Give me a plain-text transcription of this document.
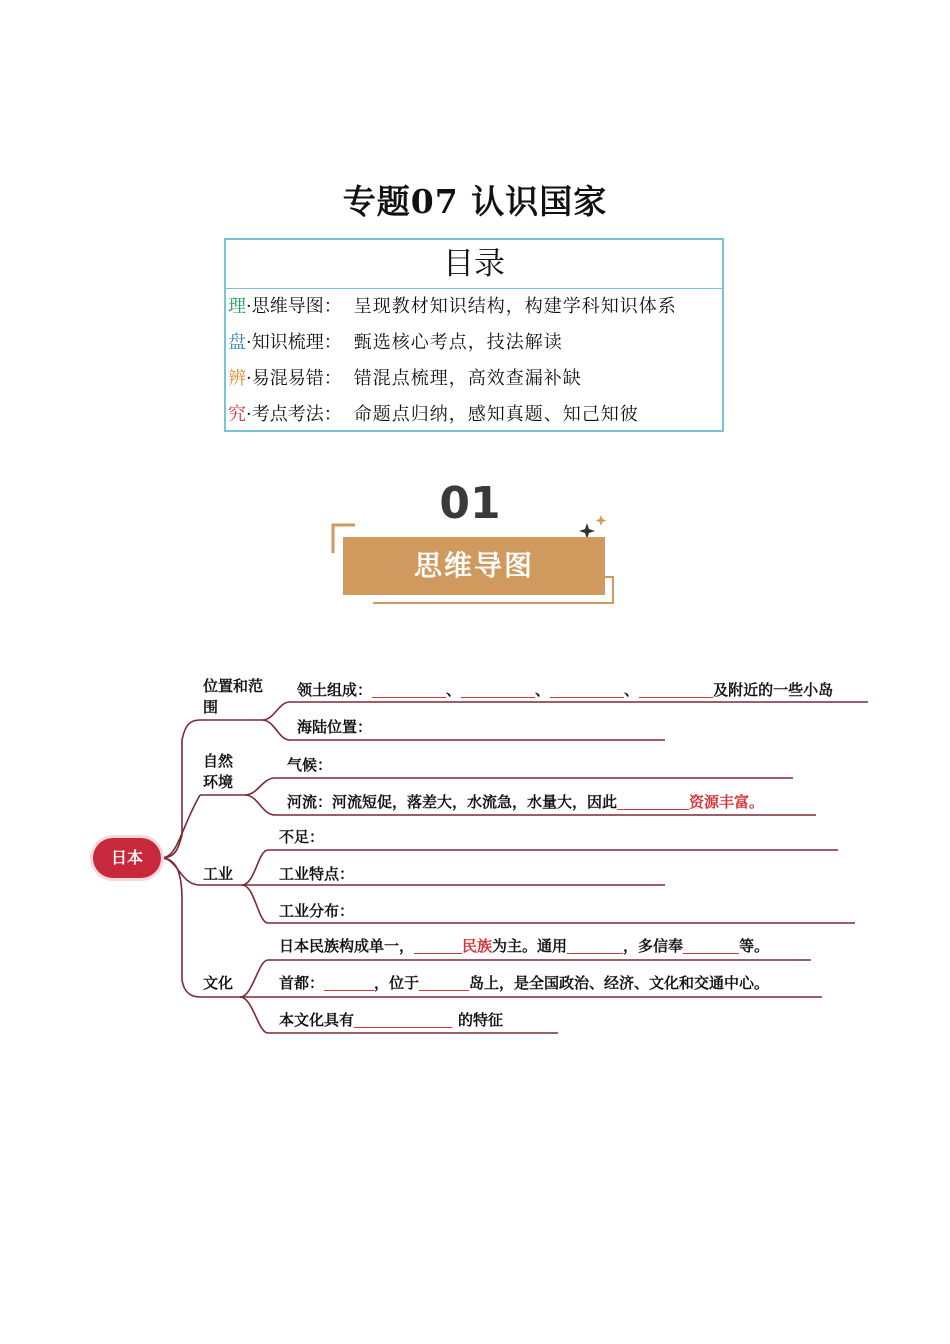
专题07 认识国家
目录
理·思维导图： 呈现教材知识结构，构建学科知识体系
盘·知识梳理： 甄选核心考点，技法解读
辨·易混易错： 错混点梳理，高效查漏补缺
究·考点考法： 命题点归纳，感知真题、知己知彼
01
思维导图
日本
位置和范围
自然环境
工业
文化
领土组成：	、	、	、	及附近的一些小岛
海陆位置：
气候：
河流：河流短促，落差大，水流急，水量大，因此	资源丰富。
不足：
工业特点：
工业分布：
日本民族构成单一，	民族为主。通用	，多信奉	等。
首都：	，位于	岛上，是全国政治、经济、文化和交通中心。
本文化具有	的特征
